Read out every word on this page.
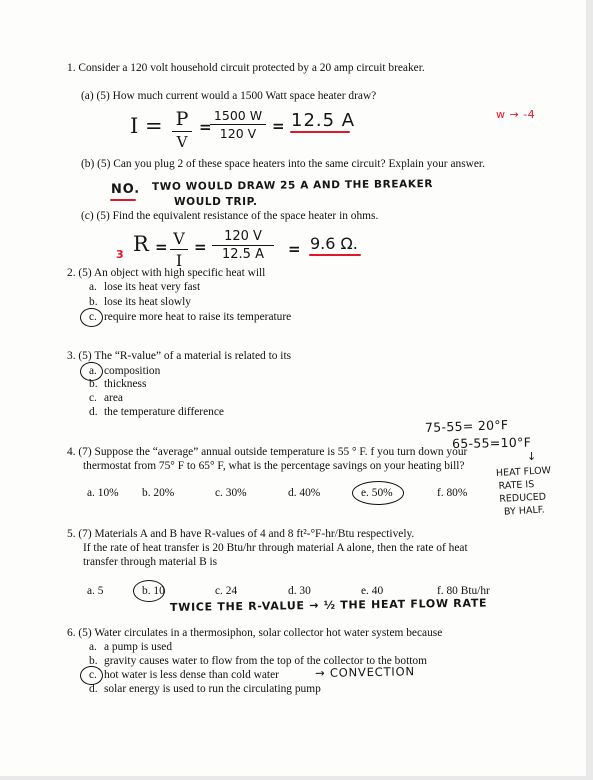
1. Consider a 120 volt household circuit protected by a 20 amp circuit breaker.
(a) (5) How much current would a 1500 Watt space heater draw?
I = P
V
=
1500 W
120 V	= 12.5 A	w → -4
(b) (5) Can you plug 2 of these space heaters into the same circuit? Explain your answer.
NO. TWO WOULD DRAW 25 A AND THE BREAKER
WOULD TRIP.
(c) (5) Find the equivalent resistance of the space heater in ohms.
3 R = V
I
=
120 V
12.5 A	= 9.6 Ω.
2. (5) An object with high specific heat will
a. lose its heat very fast
b. lose its heat slowly
c. require more heat to raise its temperature
3. (5) The “R-value” of a material is related to its
a. composition
b. thickness
c. area
d. the temperature difference
75-55= 20°F
65-55=10°F
4. (7) Suppose the “average” annual outside temperature is 55 ° F. f you turn down your
thermostat from 75° F to 65° F, what is the percentage savings on your heating bill?
↓
HEAT FLOW
RATE IS
REDUCED
BY HALF.
a. 10% b. 20%	c. 30%	d. 40%	e. 50%	f. 80%
5. (7) Materials A and B have R-values of 4 and 8 ft²-°F-hr/Btu respectively.
If the rate of heat transfer is 20 Btu/hr through material A alone, then the rate of heat
transfer through material B is
a. 5	b. 10	c. 24	d. 30	e. 40	f. 80 Btu/hr
TWICE THE R-VALUE → ½ THE HEAT FLOW RATE
6. (5) Water circulates in a thermosiphon, solar collector hot water system because
a. a pump is used
b. gravity causes water to flow from the top of the collector to the bottom
c. hot water is less dense than cold water	→ CONVECTION
d. solar energy is used to run the circulating pump
